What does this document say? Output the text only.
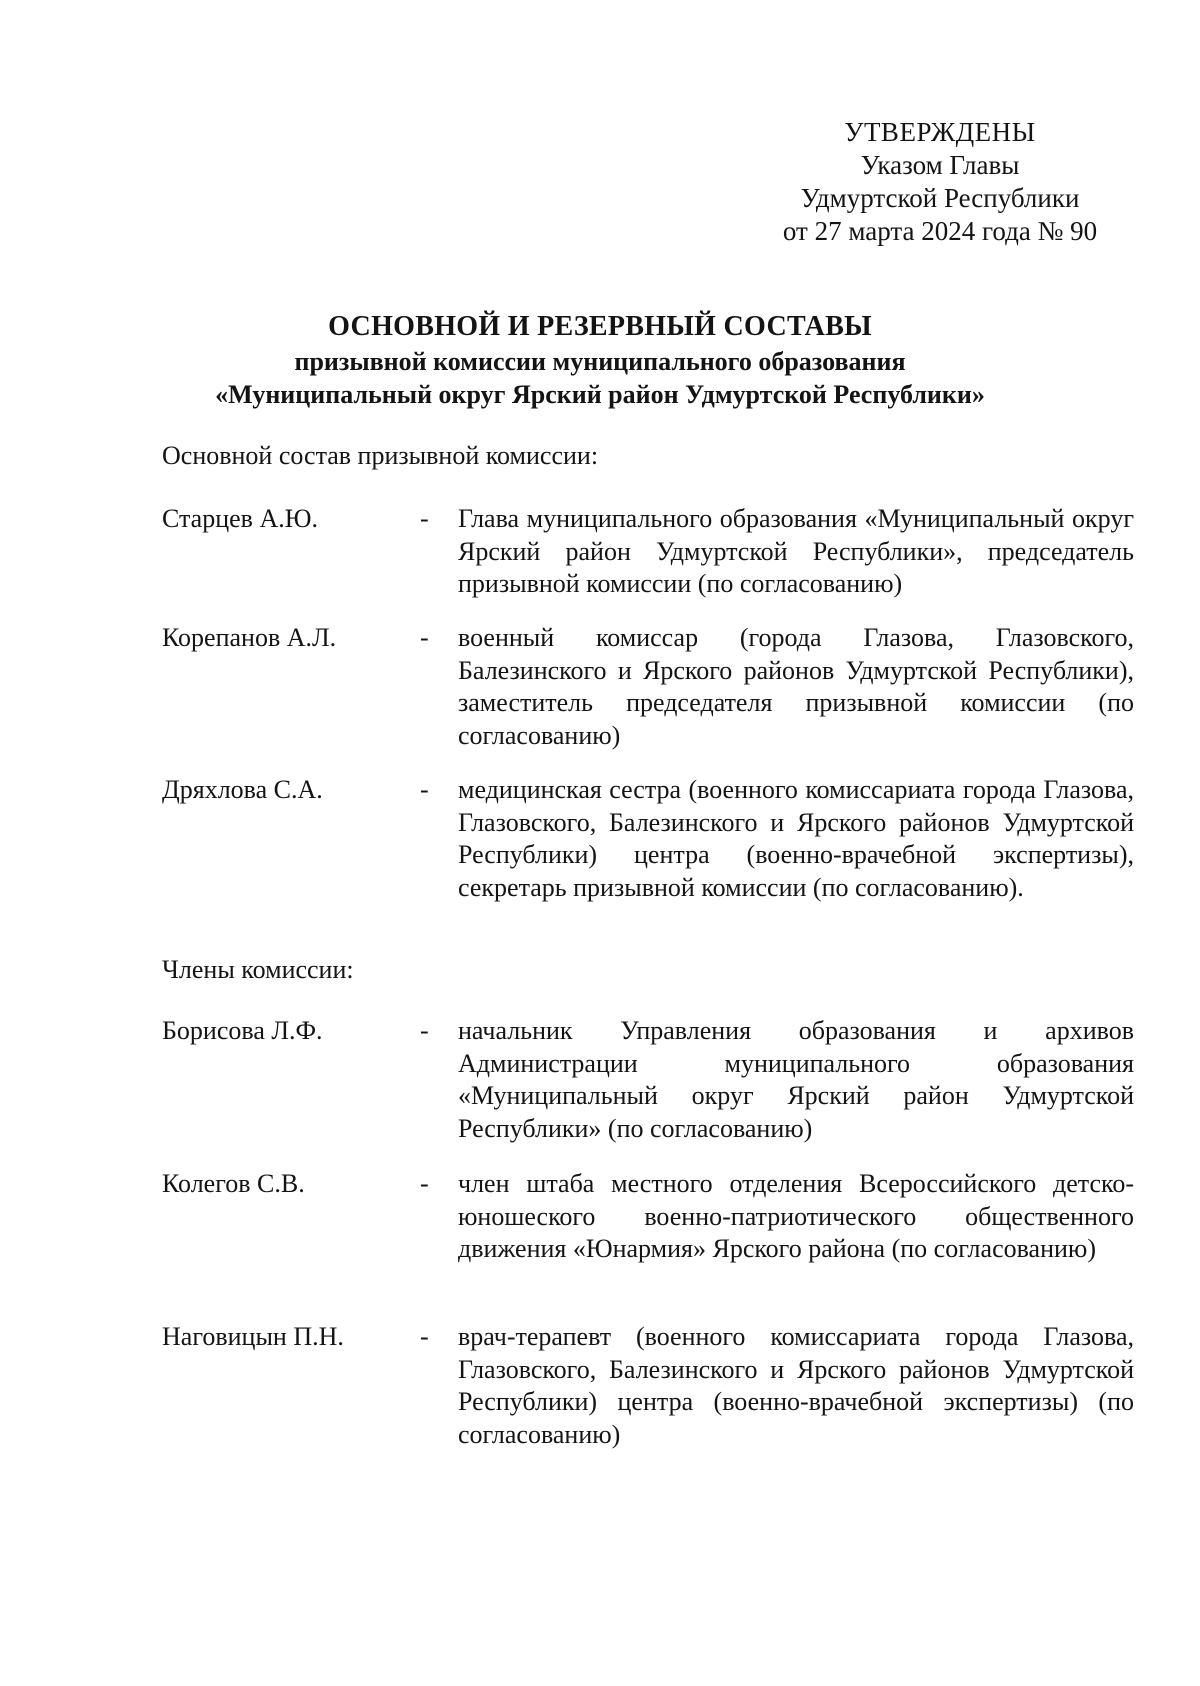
УТВЕРЖДЕНЫ
Указом Главы
Удмуртской Республики
от 27 марта 2024 года № 90
ОСНОВНОЙ И РЕЗЕРВНЫЙ СОСТАВЫ
призывной комиссии муниципального образования
«Муниципальный округ Ярский район Удмуртской Республики»
Основной состав призывной комиссии:
Старцев А.Ю.	- Глава муниципального образования «Муниципальный округ Ярский район Удмуртской Республики», председатель призывной комиссии (по согласованию)
Корепанов А.Л.	- военный комиссар (города Глазова, Глазовского, Балезинского и Ярского районов Удмуртской Республики), заместитель председателя призывной комиссии (по согласованию)
Дряхлова С.А.	- медицинская сестра (военного комиссариата города Глазова, Глазовского, Балезинского и Ярского районов Удмуртской Республики) центра (военно-врачебной экспертизы), секретарь призывной комиссии (по согласованию).
Члены комиссии:
Борисова Л.Ф.	- начальник Управления образования и архивов Администрации муниципального образования «Муниципальный округ Ярский район Удмуртской Республики» (по согласованию)
Колегов С.В.	- член штаба местного отделения Всероссийского детско-юношеского военно-патриотического общественного движения «Юнармия» Ярского района (по согласованию)
Наговицын П.Н.	- врач-терапевт (военного комиссариата города Глазова, Глазовского, Балезинского и Ярского районов Удмуртской Республики) центра (военно-врачебной экспертизы) (по согласованию)
